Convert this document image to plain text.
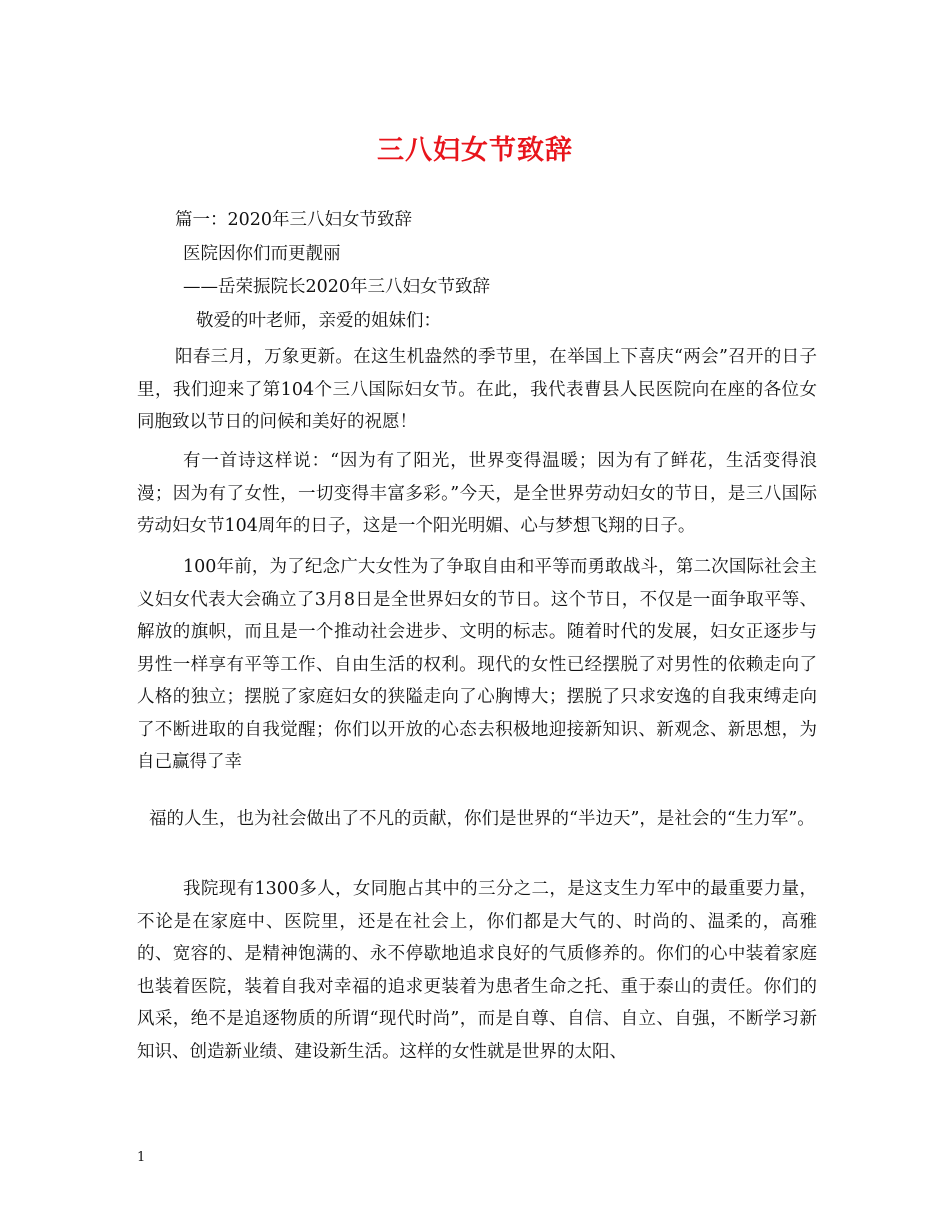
三八妇女节致辞

篇一：2020年三八妇女节致辞

医院因你们而更靓丽

——岳荣振院长2020年三八妇女节致辞

敬爱的叶老师，亲爱的姐妹们：

阳春三月，万象更新。在这生机盎然的季节里，在举国上下喜庆“两会”召开的日子里，我们迎来了第104个三八国际妇女节。在此，我代表曹县人民医院向在座的各位女同胞致以节日的问候和美好的祝愿！

有一首诗这样说：“因为有了阳光，世界变得温暖；因为有了鲜花，生活变得浪漫；因为有了女性，一切变得丰富多彩。”今天，是全世界劳动妇女的节日，是三八国际劳动妇女节104周年的日子，这是一个阳光明媚、心与梦想飞翔的日子。

100年前，为了纪念广大女性为了争取自由和平等而勇敢战斗，第二次国际社会主义妇女代表大会确立了3月8日是全世界妇女的节日。这个节日，不仅是一面争取平等、解放的旗帜，而且是一个推动社会进步、文明的标志。随着时代的发展，妇女正逐步与男性一样享有平等工作、自由生活的权利。现代的女性已经摆脱了对男性的依赖走向了人格的独立；摆脱了家庭妇女的狭隘走向了心胸博大；摆脱了只求安逸的自我束缚走向了不断进取的自我觉醒；你们以开放的心态去积极地迎接新知识、新观念、新思想，为自己赢得了幸

福的人生，也为社会做出了不凡的贡献，你们是世界的“半边天”，是社会的“生力军”。

我院现有1300多人，女同胞占其中的三分之二，是这支生力军中的最重要力量，不论是在家庭中、医院里，还是在社会上，你们都是大气的、时尚的、温柔的，高雅的、宽容的、是精神饱满的、永不停歇地追求良好的气质修养的。你们的心中装着家庭也装着医院，装着自我对幸福的追求更装着为患者生命之托、重于泰山的责任。你们的风采，绝不是追逐物质的所谓“现代时尚”，而是自尊、自信、自立、自强，不断学习新知识、创造新业绩、建设新生活。这样的女性就是世界的太阳、

1
